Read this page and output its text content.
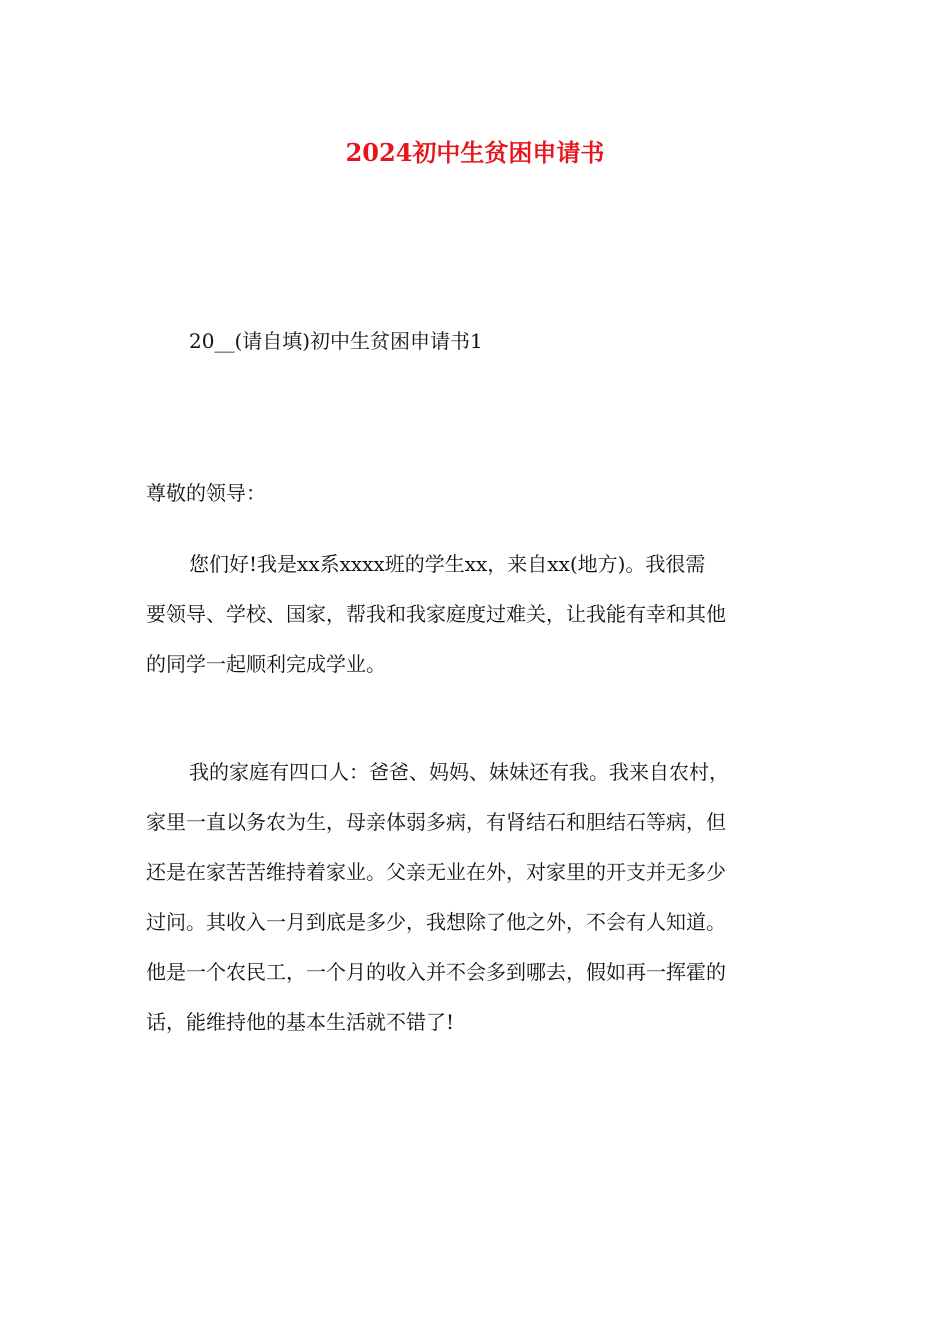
2024初中生贫困申请书
20__(请自填)初中生贫困申请书1
尊敬的领导：
您们好!我是xx系xxxx班的学生xx，来自xx(地方)。我很需
要领导、学校、国家，帮我和我家庭度过难关，让我能有幸和其他
的同学一起顺利完成学业。
我的家庭有四口人：爸爸、妈妈、妹妹还有我。我来自农村，
家里一直以务农为生，母亲体弱多病，有肾结石和胆结石等病，但
还是在家苦苦维持着家业。父亲无业在外，对家里的开支并无多少
过问。其收入一月到底是多少，我想除了他之外，不会有人知道。
他是一个农民工，一个月的收入并不会多到哪去，假如再一挥霍的
话，能维持他的基本生活就不错了!
